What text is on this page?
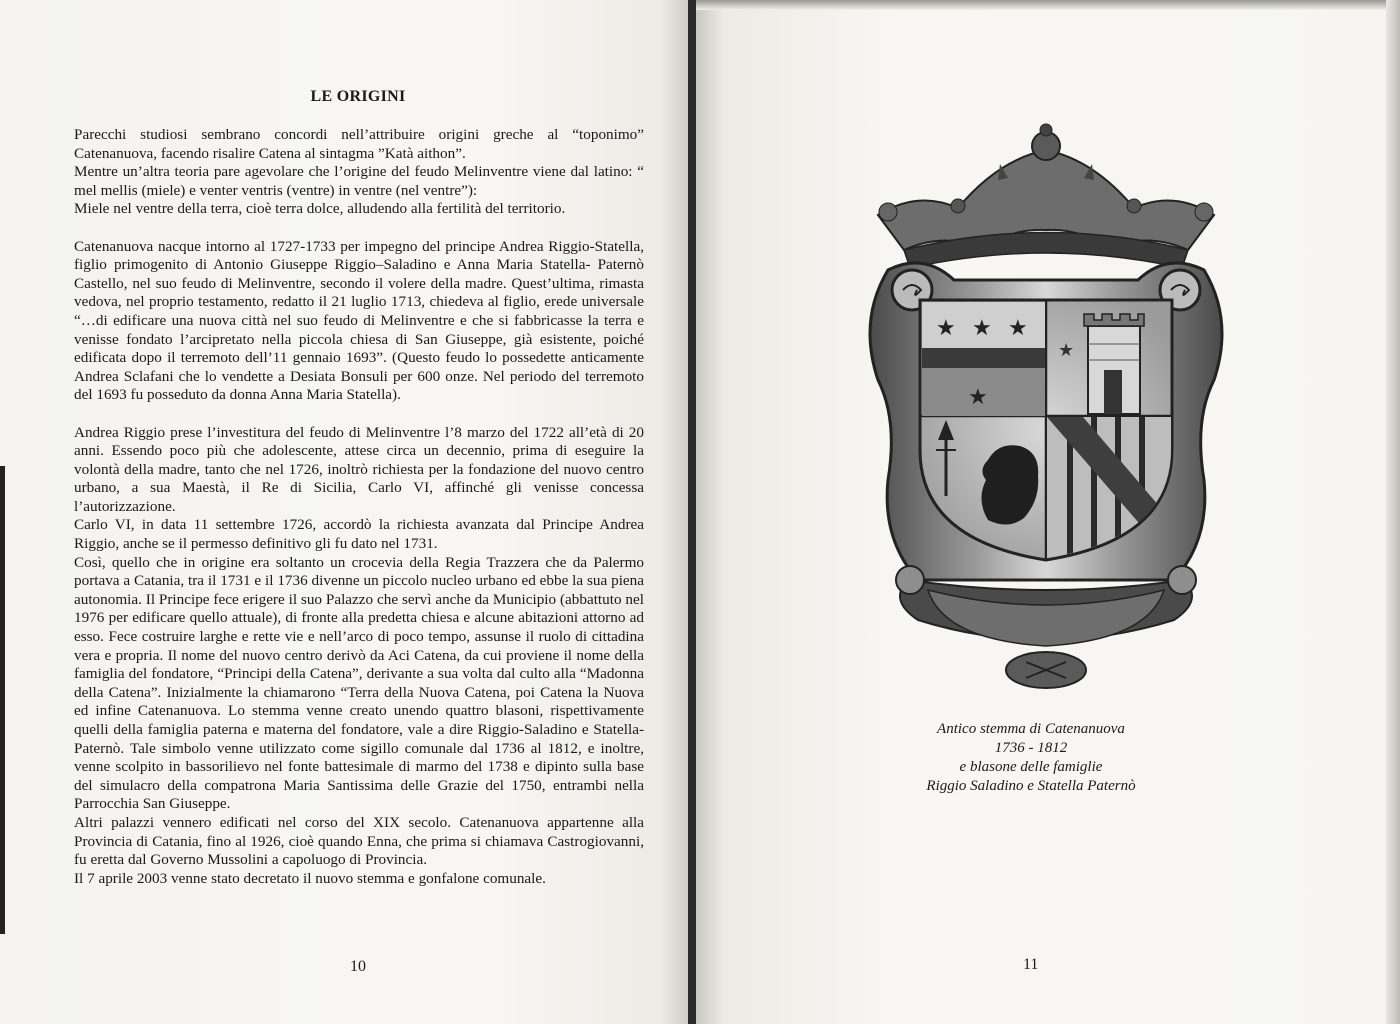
LE ORIGINI

Parecchi studiosi sembrano concordi nell’attribuire origini greche al “toponimo” Catenanuova, facendo risalire Catena al sintagma ”Katà aithon”.

Mentre un’altra teoria pare agevolare che l’origine del feudo Melinventre viene dal latino: “ mel mellis (miele) e venter ventris (ventre) in ventre (nel ventre”):

Miele nel ventre della terra, cioè terra dolce, alludendo alla fertilità del territorio.

Catenanuova nacque intorno al 1727-1733 per impegno del principe Andrea Riggio-Statella, figlio primogenito di Antonio Giuseppe Riggio–Saladino e Anna Maria Statella- Paternò Castello, nel suo feudo di Melinventre, secondo il volere della madre. Quest’ultima, rimasta vedova, nel proprio testamento, redatto il 21 luglio 1713, chiedeva al figlio, erede universale “…di edificare una nuova città nel suo feudo di Melinventre e che si fabbricasse la terra e venisse fondato l’arcipretato nella piccola chiesa di San Giuseppe, già esistente, poiché edificata dopo il terremoto dell’11 gennaio 1693”. (Questo feudo lo possedette anticamente Andrea Sclafani che lo vendette a Desiata Bonsuli per 600 onze. Nel periodo del terremoto del 1693 fu posseduto da donna Anna Maria Statella).

Andrea Riggio prese l’investitura del feudo di Melinventre l’8 marzo del 1722 all’età di 20 anni. Essendo poco più che adolescente, attese circa un decennio, prima di eseguire la volontà della madre, tanto che nel 1726, inoltrò richiesta per la fondazione del nuovo centro urbano, a sua Maestà, il Re di Sicilia, Carlo VI, affinché gli venisse concessa l’autorizzazione.

Carlo VI, in data 11 settembre 1726, accordò la richiesta avanzata dal Principe Andrea Riggio, anche se il permesso definitivo gli fu dato nel 1731.

Così, quello che in origine era soltanto un crocevia della Regia Trazzera che da Palermo portava a Catania, tra il 1731 e il 1736 divenne un piccolo nucleo urbano ed ebbe la sua piena autonomia. Il Principe fece erigere il suo Palazzo che servì anche da Municipio (abbattuto nel 1976 per edificare quello attuale), di fronte alla predetta chiesa e alcune abitazioni attorno ad esso. Fece costruire larghe e rette vie e nell’arco di poco tempo, assunse il ruolo di cittadina vera e propria. Il nome del nuovo centro derivò da Aci Catena, da cui proviene il nome della famiglia del fondatore, “Principi della Catena”, derivante a sua volta dal culto alla “Madonna della Catena”. Inizialmente la chiamarono “Terra della Nuova Catena, poi Catena la Nuova ed infine Catenanuova. Lo stemma venne creato unendo quattro blasoni, rispettivamente quelli della famiglia paterna e materna del fondatore, vale a dire Riggio-Saladino e Statella-Paternò. Tale simbolo venne utilizzato come sigillo comunale dal 1736 al 1812, e inoltre, venne scolpito in bassorilievo nel fonte battesimale di marmo del 1738 e dipinto sulla base del simulacro della compatrona Maria Santissima delle Grazie del 1750, entrambi nella Parrocchia San Giuseppe.

Altri palazzi vennero edificati nel corso del XIX secolo. Catenanuova appartenne alla Provincia di Catania, fino al 1926, cioè quando Enna, che prima si chiamava Castrogiovanni, fu eretta dal Governo Mussolini a capoluogo di Provincia.

Il 7 aprile 2003 venne stato decretato il nuovo stemma e gonfalone comunale.

10
★ ★ ★
★
★
Antico stemma di Catenanuova
1736 - 1812
e blasone delle famiglie
Riggio Saladino e Statella Paternò
11
